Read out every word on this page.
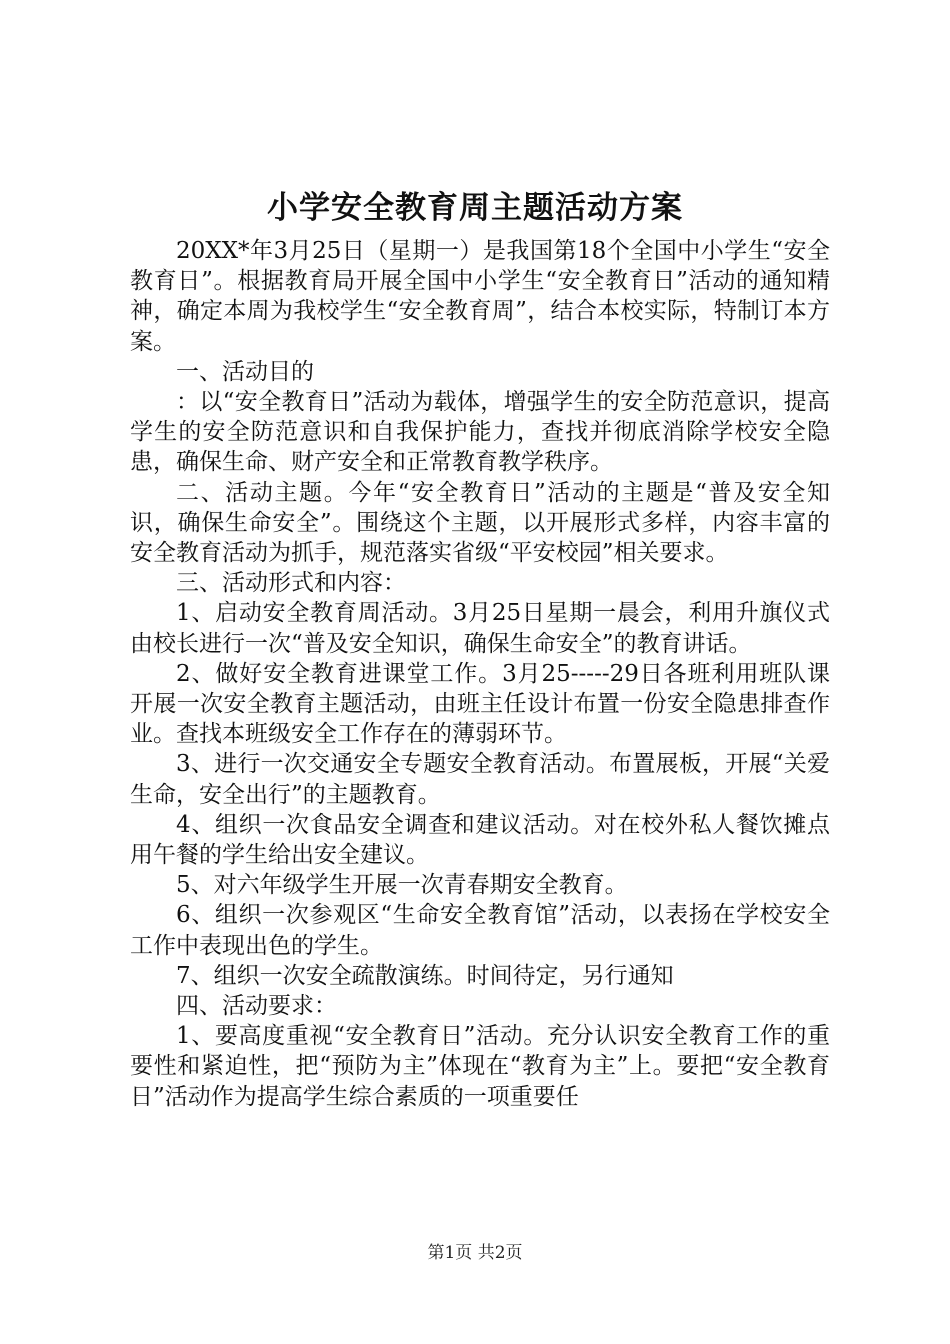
小学安全教育周主题活动方案

20XX*年3月25日（星期一）是我国第18个全国中小学生“安全教育日”。根据教育局开展全国中小学生“安全教育日”活动的通知精神，确定本周为我校学生“安全教育周”，结合本校实际，特制订本方案。

一、活动目的

：以“安全教育日”活动为载体，增强学生的安全防范意识，提高学生的安全防范意识和自我保护能力，查找并彻底消除学校安全隐患，确保生命、财产安全和正常教育教学秩序。

二、活动主题。今年“安全教育日”活动的主题是“普及安全知识，确保生命安全”。围绕这个主题，以开展形式多样，内容丰富的安全教育活动为抓手，规范落实省级“平安校园”相关要求。

三、活动形式和内容：

1、启动安全教育周活动。3月25日星期一晨会，利用升旗仪式由校长进行一次“普及安全知识，确保生命安全”的教育讲话。

2、做好安全教育进课堂工作。3月25-----29日各班利用班队课开展一次安全教育主题活动，由班主任设计布置一份安全隐患排查作业。查找本班级安全工作存在的薄弱环节。

3、进行一次交通安全专题安全教育活动。布置展板，开展“关爱生命，安全出行”的主题教育。

4、组织一次食品安全调查和建议活动。对在校外私人餐饮摊点用午餐的学生给出安全建议。

5、对六年级学生开展一次青春期安全教育。

6、组织一次参观区“生命安全教育馆”活动，以表扬在学校安全工作中表现出色的学生。

7、组织一次安全疏散演练。时间待定，另行通知

四、活动要求：

1、要高度重视“安全教育日”活动。充分认识安全教育工作的重要性和紧迫性，把“预防为主”体现在“教育为主”上。要把“安全教育日”活动作为提高学生综合素质的一项重要任

第1页 共2页
